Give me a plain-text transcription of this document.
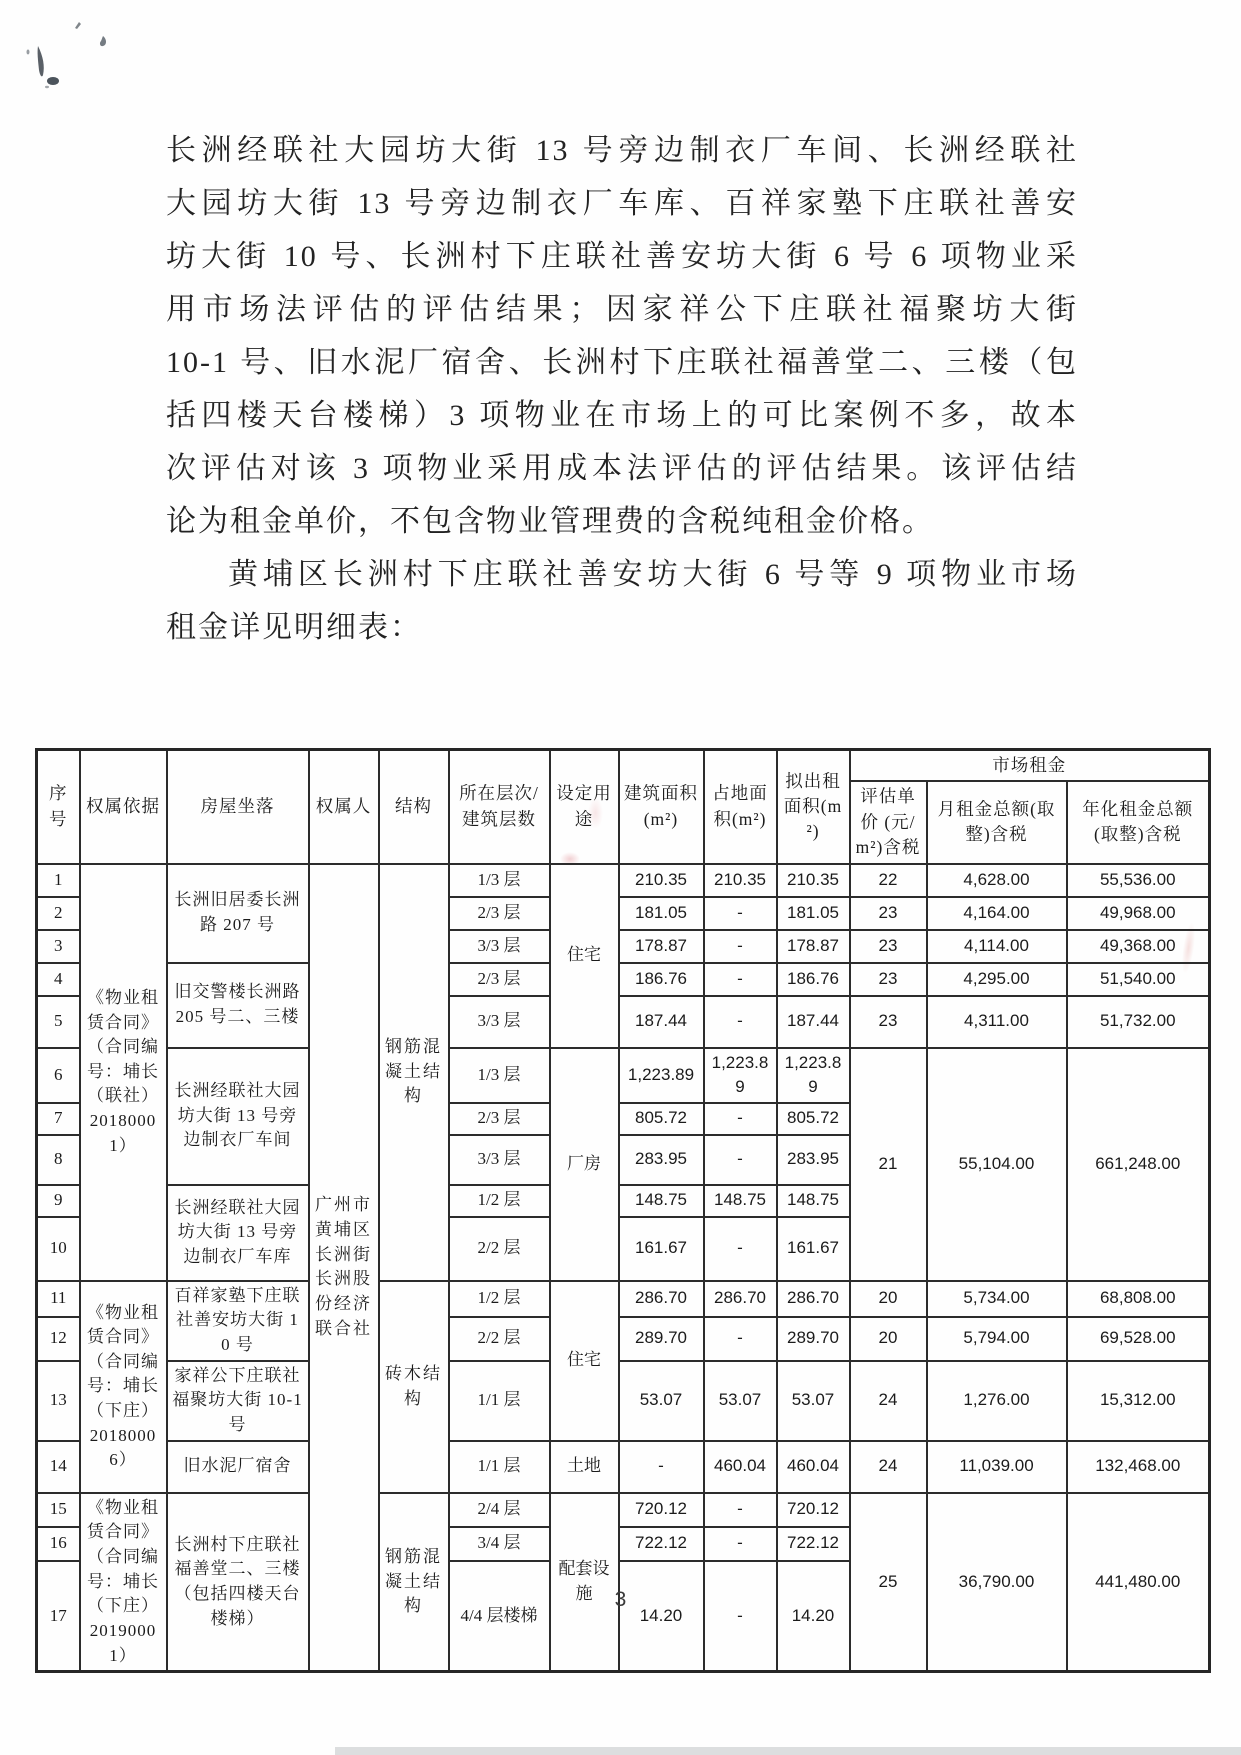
长洲经联社大园坊大街 13 号旁边制衣厂车间、长洲经联社
大园坊大街 13 号旁边制衣厂车库、百祥家塾下庄联社善安
坊大街 10 号、长洲村下庄联社善安坊大街 6 号 6 项物业采
用市场法评估的评估结果；因家祥公下庄联社福聚坊大街
10-1 号、旧水泥厂宿舍、长洲村下庄联社福善堂二、三楼（包
括四楼天台楼梯）3 项物业在市场上的可比案例不多，故本
次评估对该 3 项物业采用成本法评估的评估结果。该评估结
论为租金单价，不包含物业管理费的含税纯租金价格。
黄埔区长洲村下庄联社善安坊大街 6 号等 9 项物业市场
租金详见明细表：
序号	权属依据	房屋坐落	权属人	结构	所在层次/建筑层数	设定用途	建筑面积(m²)	占地面积(m²)	拟出租面积(m²)	市场租金		
										评估单价 (元/m²)含税	月租金总额(取整)含税	年化租金总额(取整)含税
1	《物业租赁合同》（合同编号：埔长（联社）20180001）	长洲旧居委长洲路 207 号	广州市黄埔区长洲街长洲股份经济联合社	钢筋混凝土结构	1/3 层	住宅	210.35	210.35	210.35	22	4,628.00	55,536.00
2					2/3 层		181.05	-	181.05	23	4,164.00	49,968.00
3					3/3 层		178.87	-	178.87	23	4,114.00	49,368.00
4		旧交警楼长洲路 205 号二、三楼			2/3 层		186.76	-	186.76	23	4,295.00	51,540.00
5					3/3 层		187.44	-	187.44	23	4,311.00	51,732.00
6		长洲经联社大园坊大街 13 号旁边制衣厂车间			1/3 层	厂房	1,223.89	1,223.89	1,223.89	21	55,104.00	661,248.00
7					2/3 层		805.72	-	805.72			
8					3/3 层		283.95	-	283.95			
9		长洲经联社大园坊大街 13 号旁边制衣厂车库			1/2 层		148.75	148.75	148.75			
10					2/2 层		161.67	-	161.67			
11	《物业租赁合同》（合同编号：埔长（下庄）20180006）	百祥家塾下庄联社善安坊大街 10 号		砖木结构	1/2 层	住宅	286.70	286.70	286.70	20	5,734.00	68,808.00
12					2/2 层		289.70	-	289.70	20	5,794.00	69,528.00
13		家祥公下庄联社福聚坊大街 10-1 号			1/1 层		53.07	53.07	53.07	24	1,276.00	15,312.00
14		旧水泥厂宿舍			1/1 层	土地	-	460.04	460.04	24	11,039.00	132,468.00
15	《物业租赁合同》（合同编号：埔长（下庄）20190001）	长洲村下庄联社福善堂二、三楼（包括四楼天台楼梯）		钢筋混凝土结构	2/4 层	配套设施	720.12	-	720.12	25	36,790.00	441,480.00
16					3/4 层		722.12	-	722.12			
17					4/4 层楼梯		14.20	-	14.20			
3
